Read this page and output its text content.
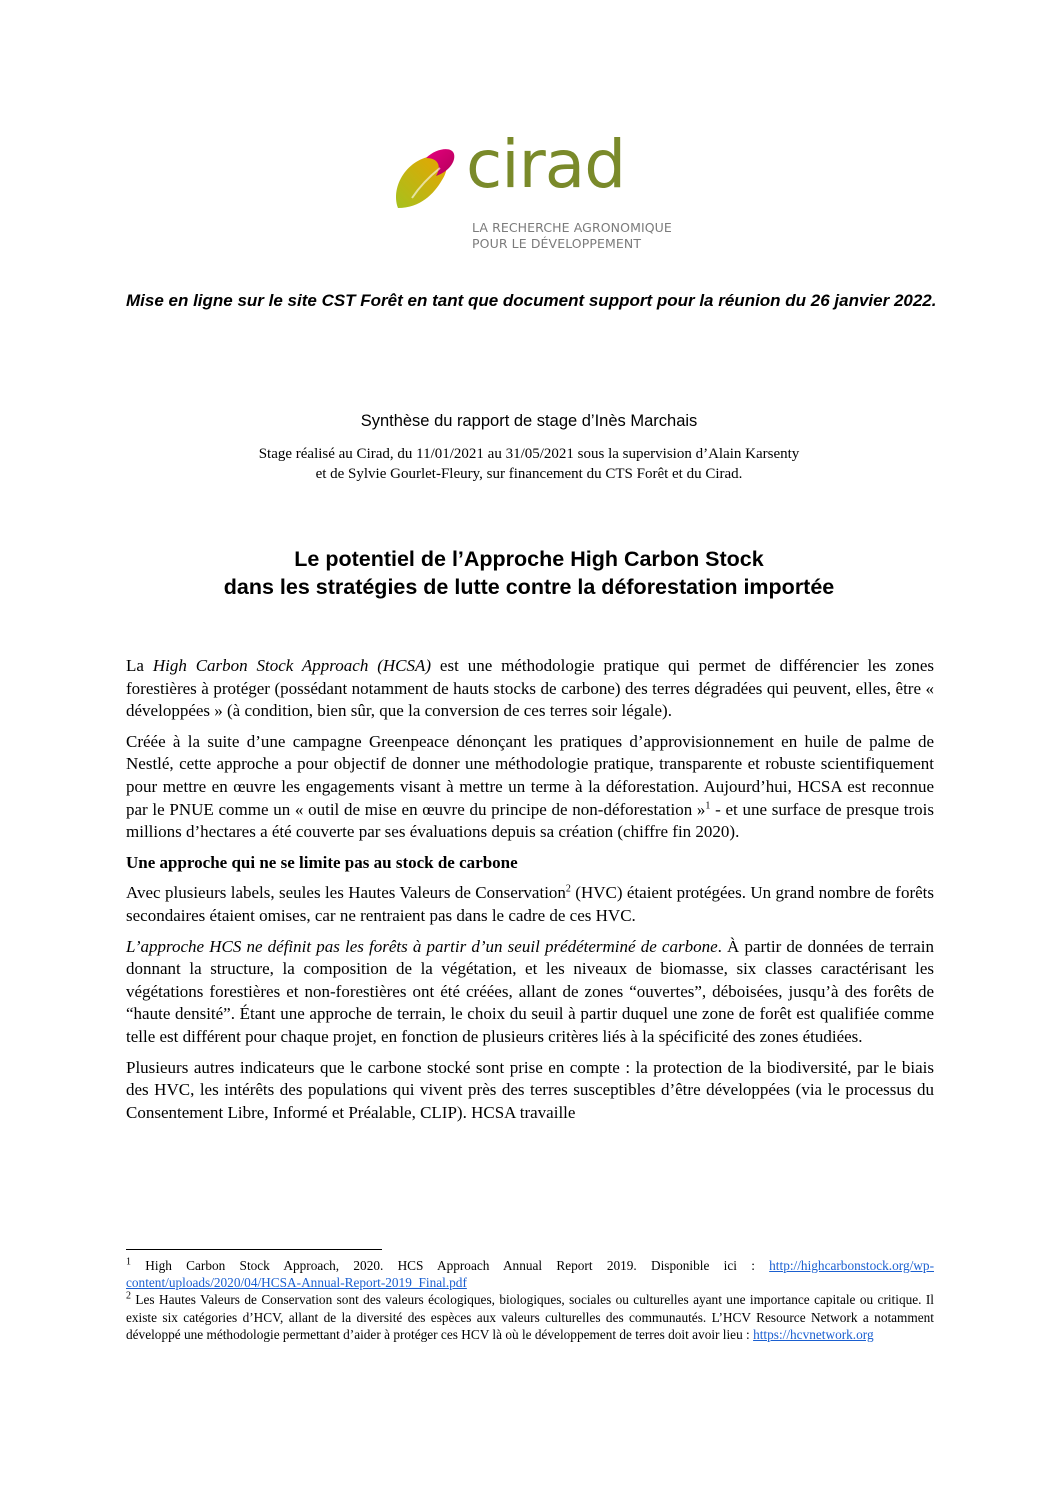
cirad
LA RECHERCHE AGRONOMIQUE
POUR LE DÉVELOPPEMENT

Mise en ligne sur le site CST Forêt en tant que document support pour la réunion du 26 janvier 2022.

Synthèse du rapport de stage d’Inès Marchais

Stage réalisé au Cirad, du 11/01/2021 au 31/05/2021 sous la supervision d’Alain Karsenty
et de Sylvie Gourlet-Fleury, sur financement du CTS Forêt et du Cirad.

Le potentiel de l’Approche High Carbon Stock
dans les stratégies de lutte contre la déforestation importée

La High Carbon Stock Approach (HCSA) est une méthodologie pratique qui permet de différencier les zones forestières à protéger (possédant notamment de hauts stocks de carbone) des terres dégradées qui peuvent, elles, être « développées » (à condition, bien sûr, que la conversion de ces terres soir légale).

Créée à la suite d’une campagne Greenpeace dénonçant les pratiques d’approvisionnement en huile de palme de Nestlé, cette approche a pour objectif de donner une méthodologie pratique, transparente et robuste scientifiquement pour mettre en œuvre les engagements visant à mettre un terme à la déforestation. Aujourd’hui, HCSA est reconnue par le PNUE comme un « outil de mise en œuvre du principe de non-déforestation »$^1$ - et une surface de presque trois millions d’hectares a été couverte par ses évaluations depuis sa création (chiffre fin 2020).

Une approche qui ne se limite pas au stock de carbone

Avec plusieurs labels, seules les Hautes Valeurs de Conservation$^2$ (HVC) étaient protégées. Un grand nombre de forêts secondaires étaient omises, car ne rentraient pas dans le cadre de ces HVC.

L’approche HCS ne définit pas les forêts à partir d’un seuil prédéterminé de carbone. À partir de données de terrain donnant la structure, la composition de la végétation, et les niveaux de biomasse, six classes caractérisant les végétations forestières et non-forestières ont été créées, allant de zones “ouvertes”, déboisées, jusqu’à des forêts de “haute densité”. Étant une approche de terrain, le choix du seuil à partir duquel une zone de forêt est qualifiée comme telle est différent pour chaque projet, en fonction de plusieurs critères liés à la spécificité des zones étudiées.

Plusieurs autres indicateurs que le carbone stocké sont prise en compte : la protection de la biodiversité, par le biais des HVC, les intérêts des populations qui vivent près des terres susceptibles d’être développées (via le processus du Consentement Libre, Informé et Préalable, CLIP). HCSA travaille

$^1$ High Carbon Stock Approach, 2020. HCS Approach Annual Report 2019. Disponible ici : http://highcarbonstock.org/wp-content/uploads/2020/04/HCSA-Annual-Report-2019_Final.pdf

$^2$ Les Hautes Valeurs de Conservation sont des valeurs écologiques, biologiques, sociales ou culturelles ayant une importance capitale ou critique. Il existe six catégories d’HCV, allant de la diversité des espèces aux valeurs culturelles des communautés. L’HCV Resource Network a notamment développé une méthodologie permettant d’aider à protéger ces HCV là où le développement de terres doit avoir lieu : https://hcvnetwork.org
